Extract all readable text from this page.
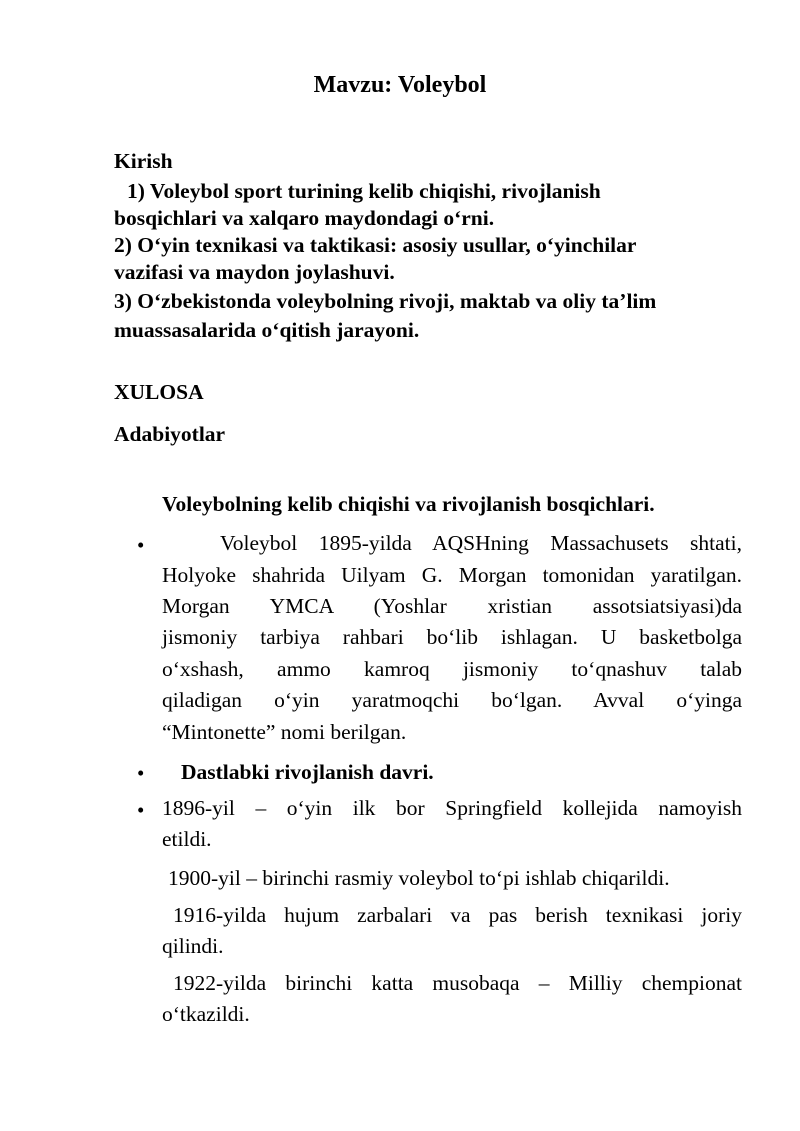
Mavzu: Voleybol
Kirish
1) Voleybol sport turining kelib chiqishi, rivojlanish
bosqichlari va xalqaro maydondagi o‘rni.
2) O‘yin texnikasi va taktikasi: asosiy usullar, o‘yinchilar
vazifasi va maydon joylashuvi.
3) O‘zbekistonda voleybolning rivoji, maktab va oliy ta’lim
muassasalarida o‘qitish jarayoni.
XULOSA
Adabiyotlar
Voleybolning kelib chiqishi va rivojlanish bosqichlari.
•	Voleybol 1895-yilda AQSHning Massachusets shtati,
Holyoke shahrida Uilyam G. Morgan tomonidan yaratilgan.
Morgan YMCA (Yoshlar xristian assotsiatsiyasi)da
jismoniy tarbiya rahbari bo‘lib ishlagan. U basketbolga
o‘xshash, ammo kamroq jismoniy to‘qnashuv talab
qiladigan o‘yin yaratmoqchi bo‘lgan. Avval o‘yinga
“Mintonette” nomi berilgan.
• Dastlabki rivojlanish davri.
• 1896-yil – o‘yin ilk bor Springfield kollejida namoyish
etildi.
1900-yil – birinchi rasmiy voleybol to‘pi ishlab chiqarildi.
1916-yilda hujum zarbalari va pas berish texnikasi joriy
qilindi.
1922-yilda birinchi katta musobaqa – Milliy chempionat
o‘tkazildi.
